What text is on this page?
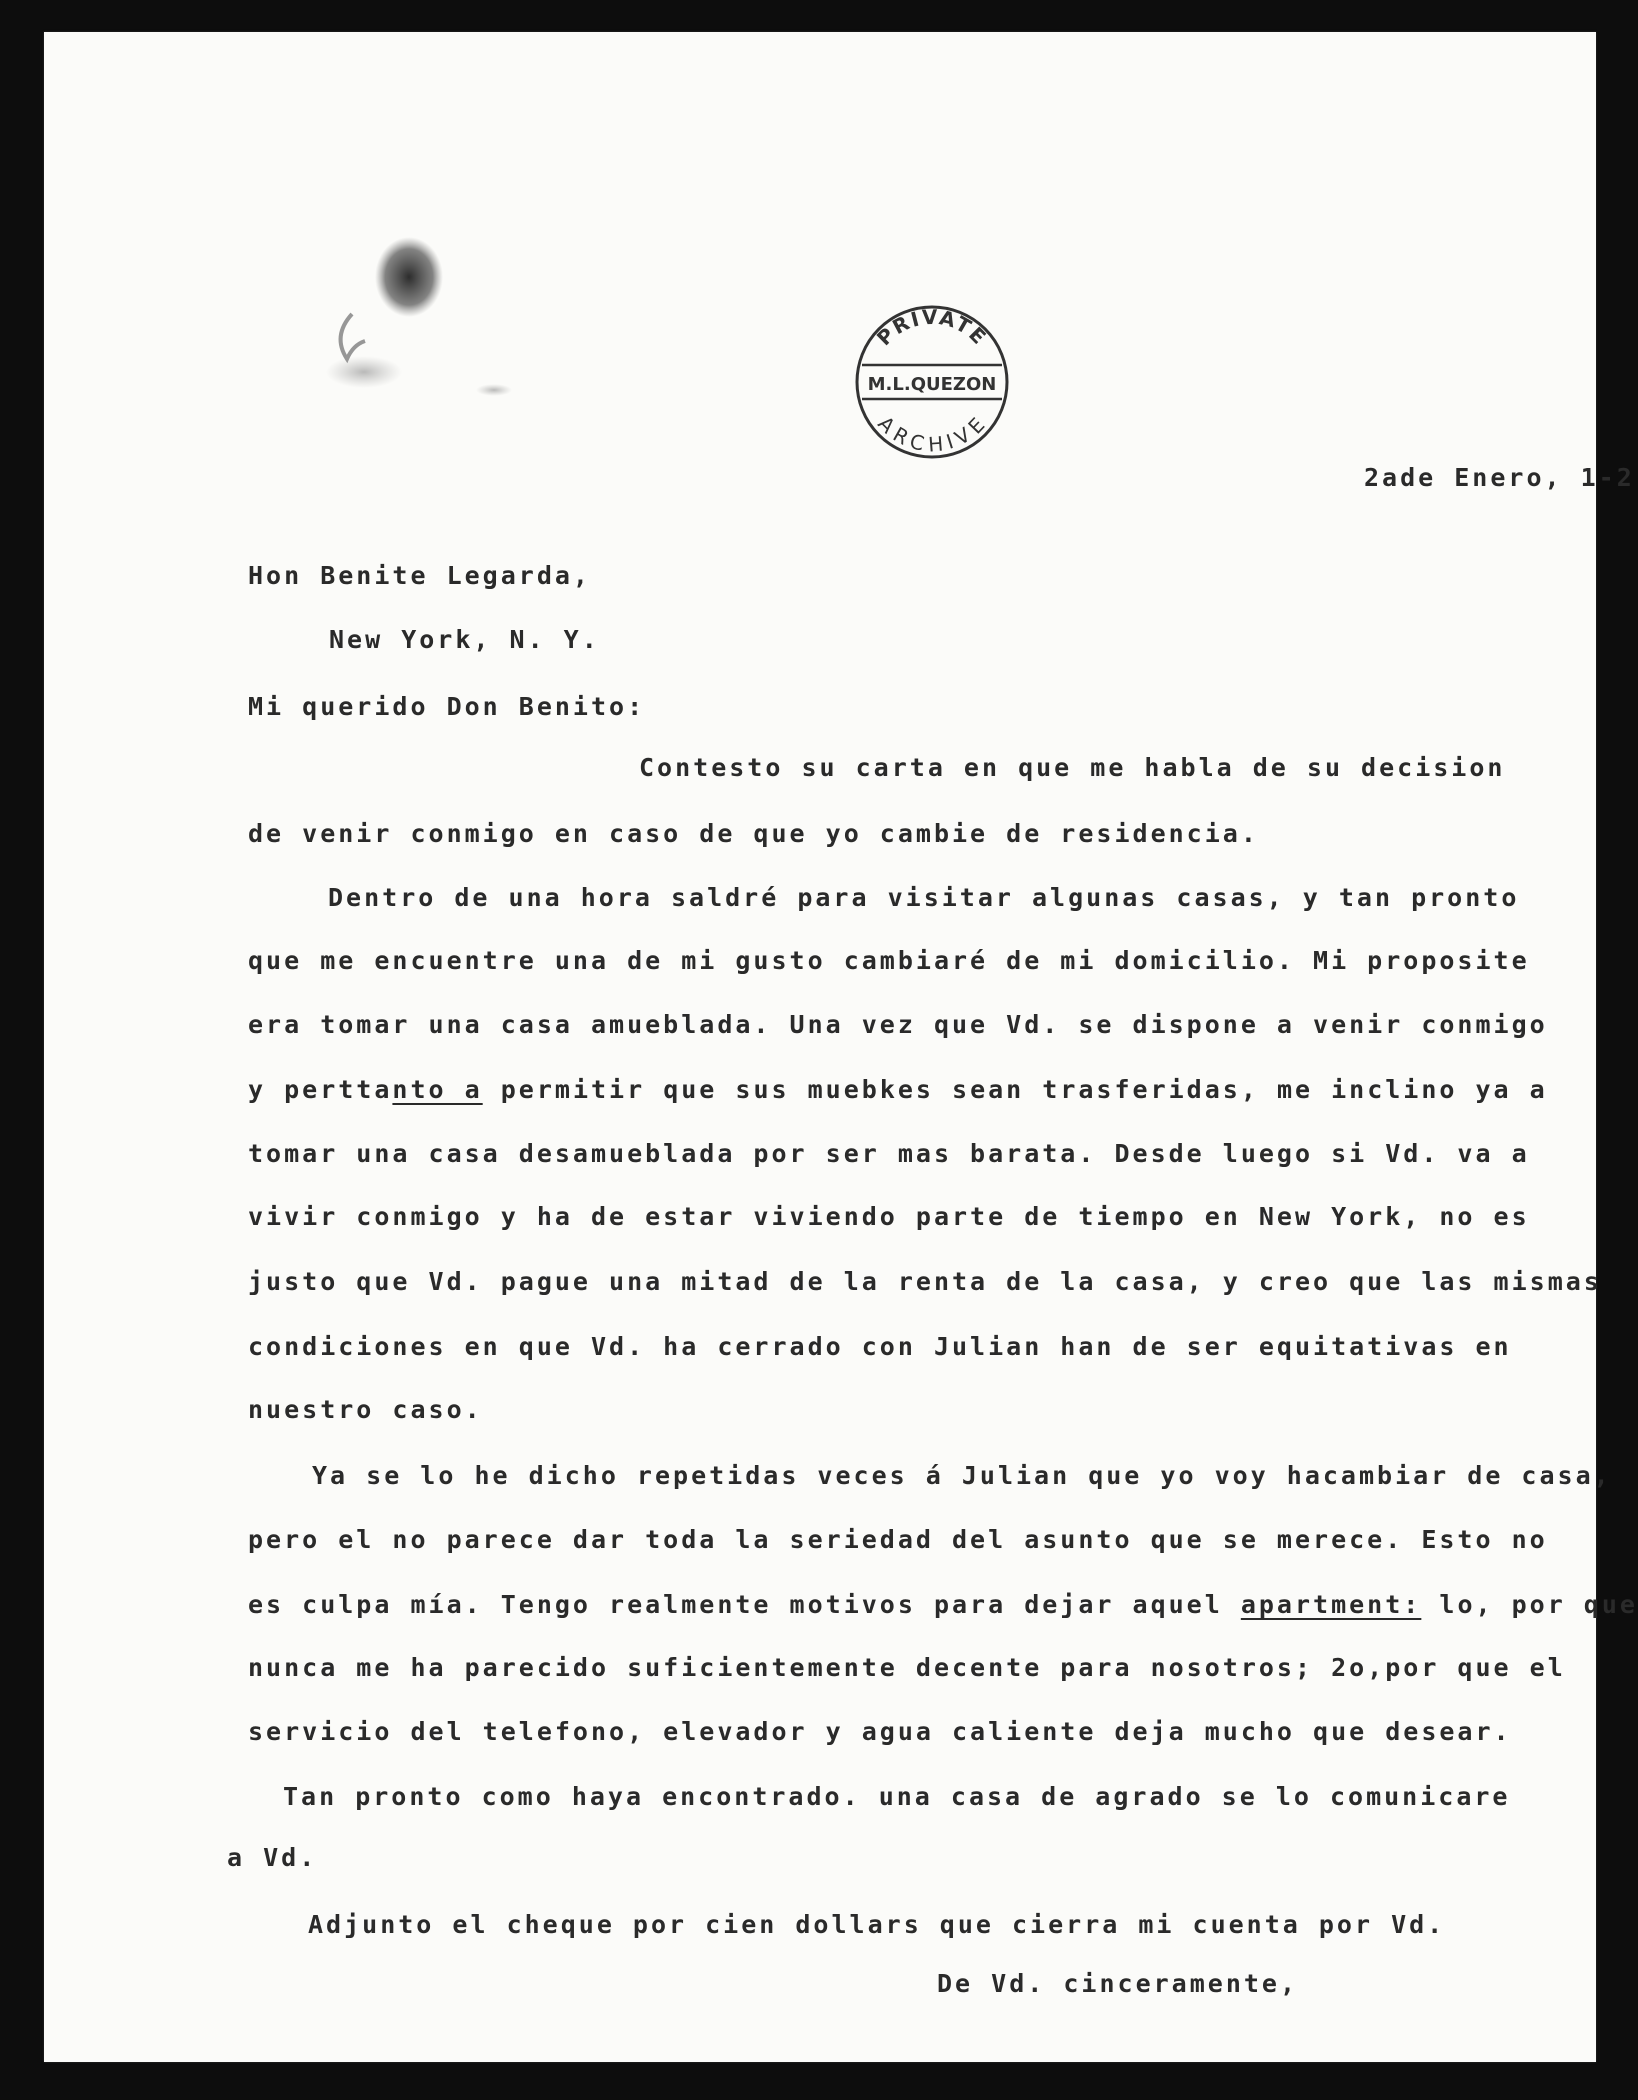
PRIVATE
M.L.QUEZON
ARCHIVE
2ade Enero, 1-2
Hon Benite Legarda,
New York, N. Y.
Mi querido Don Benito:
Contesto su carta en que me habla de su decision
de venir conmigo en caso de que yo cambie de residencia.
Dentro de una hora saldré para visitar algunas casas, y tan pronto
que me encuentre una de mi gusto cambiaré de mi domicilio. Mi proposite
era tomar una casa amueblada. Una vez que Vd. se dispone a venir conmigo
y perttanto a permitir que sus muebkes sean trasferidas, me inclino ya a
tomar una casa desamueblada por ser mas barata. Desde luego si Vd. va a
vivir conmigo y ha de estar viviendo parte de tiempo en New York, no es
justo que Vd. pague una mitad de la renta de la casa, y creo que las mismas
condiciones en que Vd. ha cerrado con Julian han de ser equitativas en
nuestro caso.
Ya se lo he dicho repetidas veces á Julian que yo voy hacambiar de casa,
pero el no parece dar toda la seriedad del asunto que se merece. Esto no
es culpa mía. Tengo realmente motivos para dejar aquel apartment: lo, por que
nunca me ha parecido suficientemente decente para nosotros; 2o,por que el
servicio del telefono, elevador y agua caliente deja mucho que desear.
Tan pronto como haya encontrado. una casa de agrado se lo comunicare
a Vd.
Adjunto el cheque por cien dollars que cierra mi cuenta por Vd.
De Vd. cinceramente,
